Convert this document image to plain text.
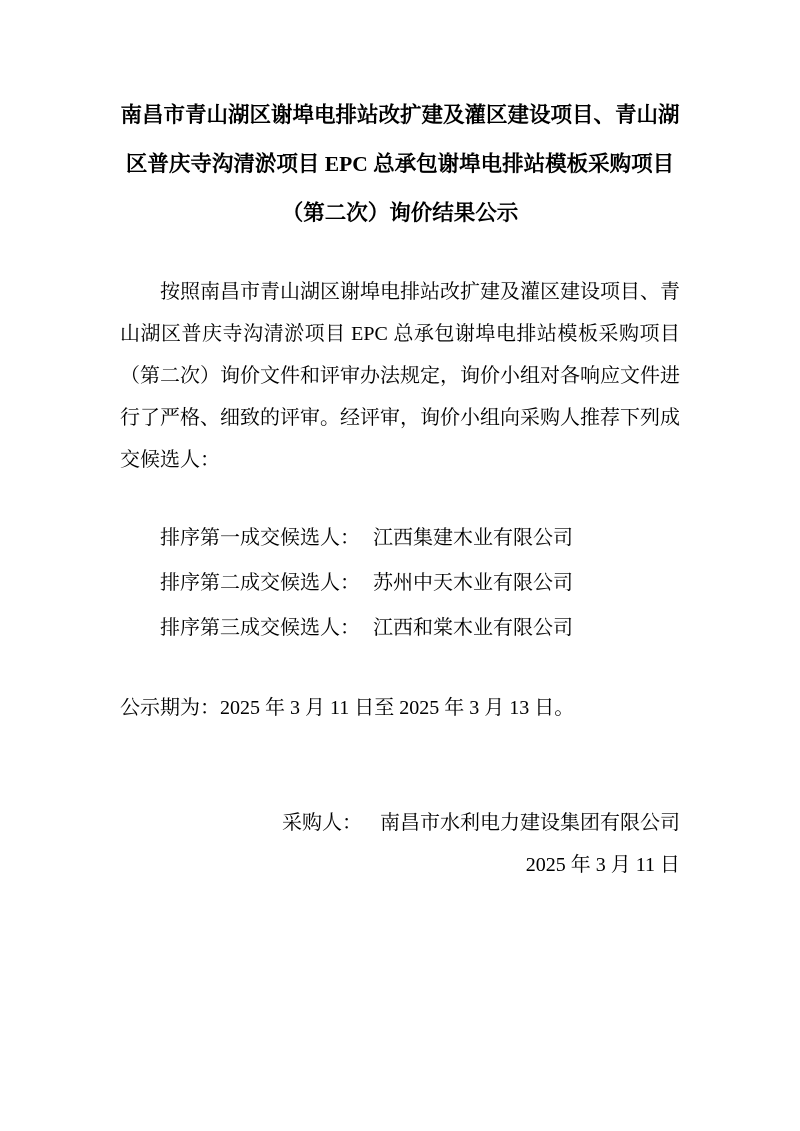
南昌市青山湖区谢埠电排站改扩建及灌区建设项目、青山湖
区普庆寺沟清淤项目 EPC 总承包谢埠电排站模板采购项目
（第二次）询价结果公示

按照南昌市青山湖区谢埠电排站改扩建及灌区建设项目、青山湖区普庆寺沟清淤项目 EPC 总承包谢埠电排站模板采购项目（第二次）询价文件和评审办法规定，询价小组对各响应文件进行了严格、细致的评审。经评审，询价小组向采购人推荐下列成交候选人：

排序第一成交候选人： 江西集建木业有限公司
排序第二成交候选人： 苏州中天木业有限公司
排序第三成交候选人： 江西和棠木业有限公司

公示期为：2025 年 3 月 11 日至 2025 年 3 月 13 日。

采购人： 南昌市水利电力建设集团有限公司
2025 年 3 月 11 日
